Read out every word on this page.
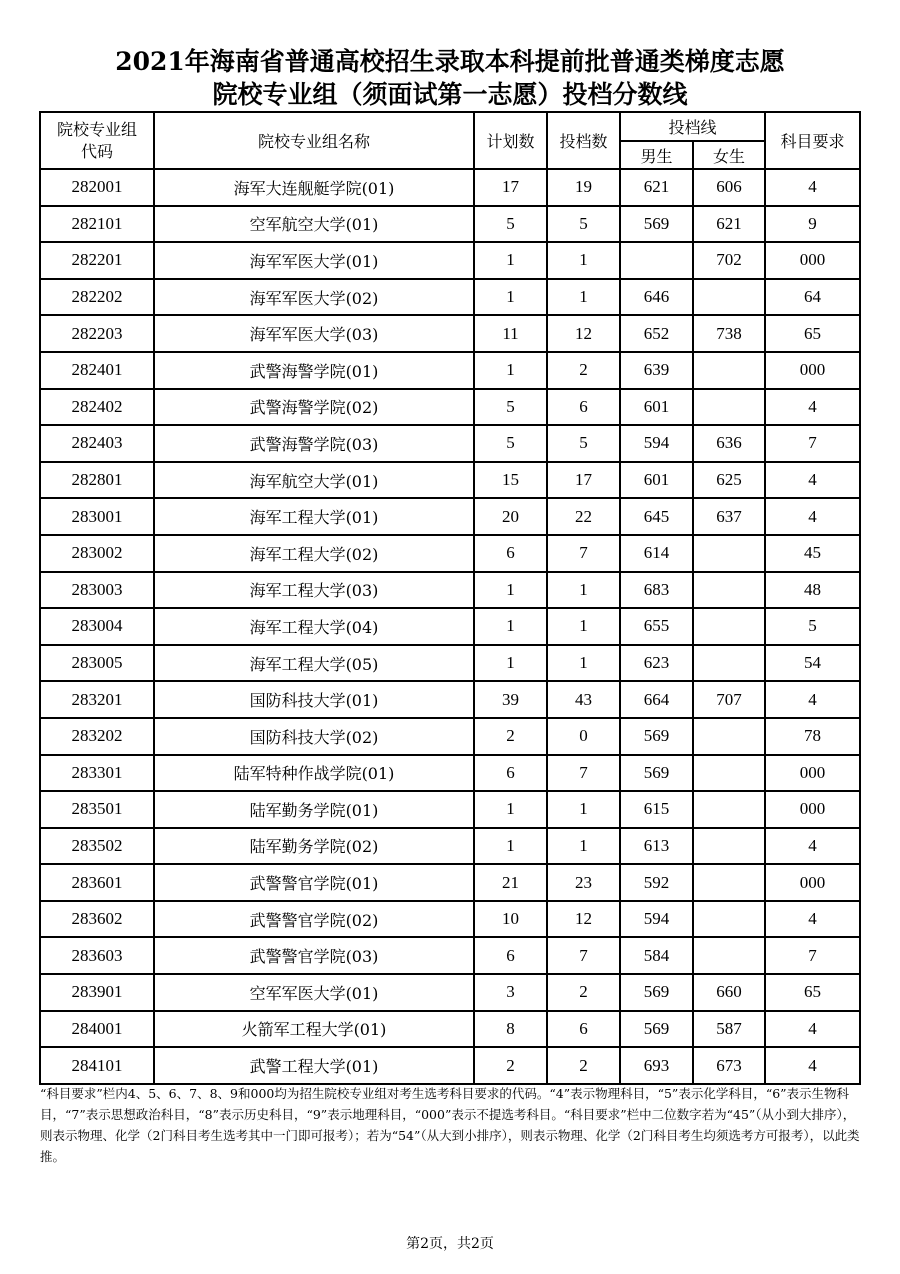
2021年海南省普通高校招生录取本科提前批普通类梯度志愿
院校专业组（须面试第一志愿）投档分数线
院校专业组代码	院校专业组名称	计划数	投档数	投档线		科目要求
				男生	女生	
282001	海军大连舰艇学院(01)	17	19	621	606	4
282101	空军航空大学(01)	5	5	569	621	9
282201	海军军医大学(01)	1	1		702	000
282202	海军军医大学(02)	1	1	646		64
282203	海军军医大学(03)	11	12	652	738	65
282401	武警海警学院(01)	1	2	639		000
282402	武警海警学院(02)	5	6	601		4
282403	武警海警学院(03)	5	5	594	636	7
282801	海军航空大学(01)	15	17	601	625	4
283001	海军工程大学(01)	20	22	645	637	4
283002	海军工程大学(02)	6	7	614		45
283003	海军工程大学(03)	1	1	683		48
283004	海军工程大学(04)	1	1	655		5
283005	海军工程大学(05)	1	1	623		54
283201	国防科技大学(01)	39	43	664	707	4
283202	国防科技大学(02)	2	0	569		78
283301	陆军特种作战学院(01)	6	7	569		000
283501	陆军勤务学院(01)	1	1	615		000
283502	陆军勤务学院(02)	1	1	613		4
283601	武警警官学院(01)	21	23	592		000
283602	武警警官学院(02)	10	12	594		4
283603	武警警官学院(03)	6	7	584		7
283901	空军军医大学(01)	3	2	569	660	65
284001	火箭军工程大学(01)	8	6	569	587	4
284101	武警工程大学(01)	2	2	693	673	4
“科目要求”栏内4、5、6、7、8、9和000均为招生院校专业组对考生选考科目要求的代码。“4”表示物理科目，“5”表示化学科目，“6”表示生物科目，“7”表示思想政治科目，“8”表示历史科目，“9”表示地理科目，“000”表示不提选考科目。“科目要求”栏中二位数字若为“45”（从小到大排序），则表示物理、化学（2门科目考生选考其中一门即可报考）；若为“54”（从大到小排序），则表示物理、化学（2门科目考生均须选考方可报考），以此类推。
第2页，共2页
